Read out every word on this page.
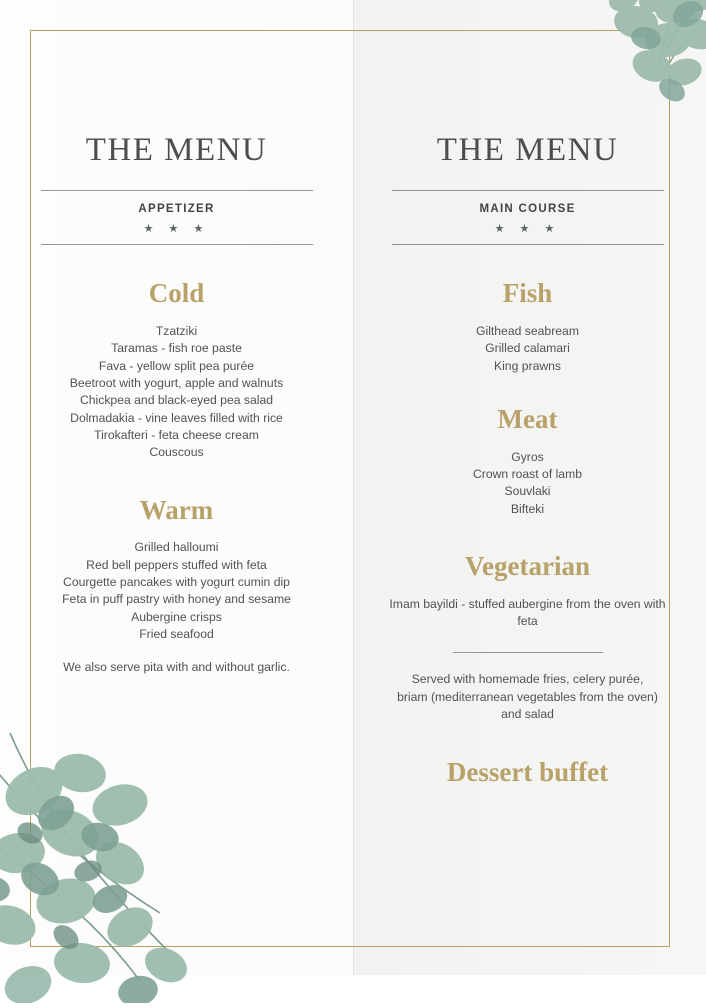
THE MENU
APPETIZER
★ ★ ★
Cold

Tzatziki

Taramas - fish roe paste

Fava - yellow split pea purée

Beetroot with yogurt, apple and walnuts

Chickpea and black-eyed pea salad

Dolmadakia - vine leaves filled with rice

Tirokafteri - feta cheese cream

Couscous

Warm

Grilled halloumi

Red bell peppers stuffed with feta

Courgette pancakes with yogurt cumin dip

Feta in puff pastry with honey and sesame

Aubergine crisps

Fried seafood

We also serve pita with and without garlic.

THE MENU
MAIN COURSE
★ ★ ★
Fish

Gilthead seabream

Grilled calamari

King prawns

Meat

Gyros

Crown roast of lamb

Souvlaki

Bifteki

Vegetarian

Imam bayildi - stuffed aubergine from the oven with feta

Served with homemade fries, celery purée, briam (mediterranean vegetables from the oven) and salad

Dessert buffet
